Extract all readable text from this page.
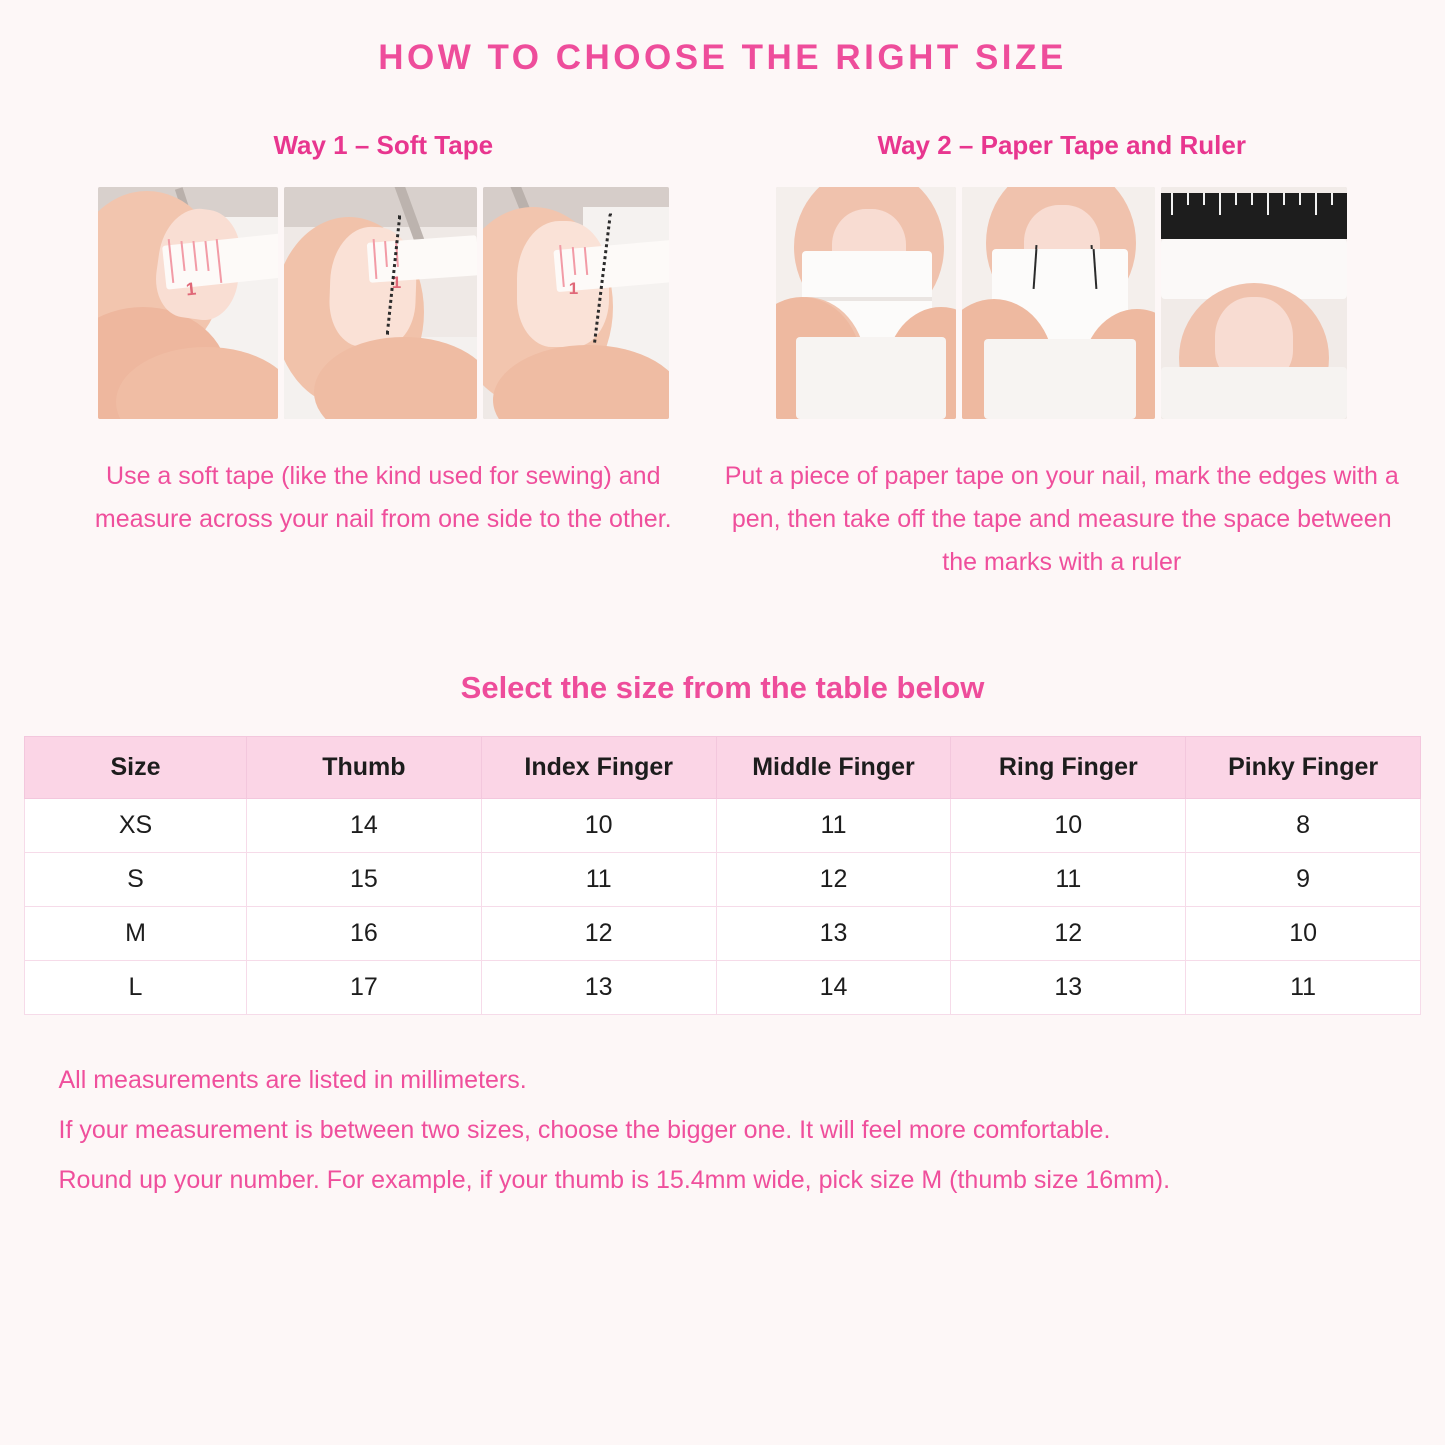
HOW TO CHOOSE THE RIGHT SIZE
Way 1 – Soft Tape
1	1	1
Use a soft tape (like the kind used for sewing) and measure across your nail from one side to the other.
Way 2 – Paper Tape and Ruler
Put a piece of paper tape on your nail, mark the edges with a pen, then take off the tape and measure the space between the marks with a ruler
Select the size from the table below
Size	Thumb	Index Finger	Middle Finger	Ring Finger	Pinky Finger
XS	14	10	11	10	8
S	15	11	12	11	9
M	16	12	13	12	10
L	17	13	14	13	11
All measurements are listed in millimeters.
If your measurement is between two sizes, choose the bigger one. It will feel more comfortable.
Round up your number. For example, if your thumb is 15.4mm wide, pick size M (thumb size 16mm).
